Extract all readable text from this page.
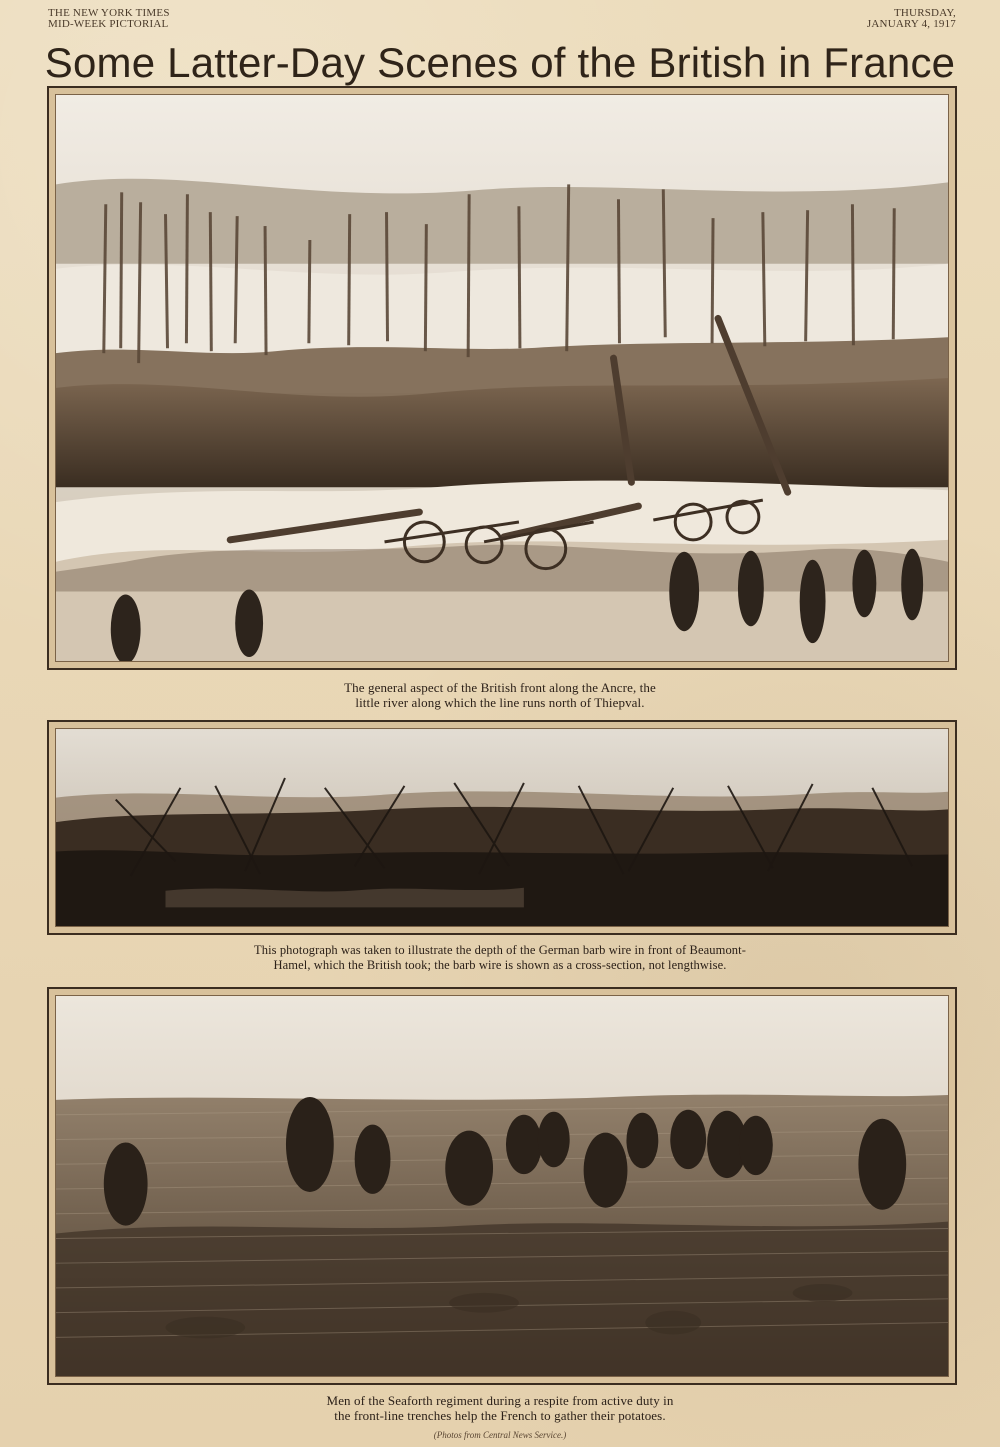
THE NEW YORK TIMES
MID-WEEK PICTORIAL
THURSDAY,
JANUARY 4, 1917
Some Latter-Day Scenes of the British in France
The general aspect of the British front along the Ancre, the
little river along which the line runs north of Thiepval.
This photograph was taken to illustrate the depth of the German barb wire in front of Beaumont-
Hamel, which the British took; the barb wire is shown as a cross-section, not lengthwise.
Men of the Seaforth regiment during a respite from active duty in
the front-line trenches help the French to gather their potatoes.
(Photos from Central News Service.)
